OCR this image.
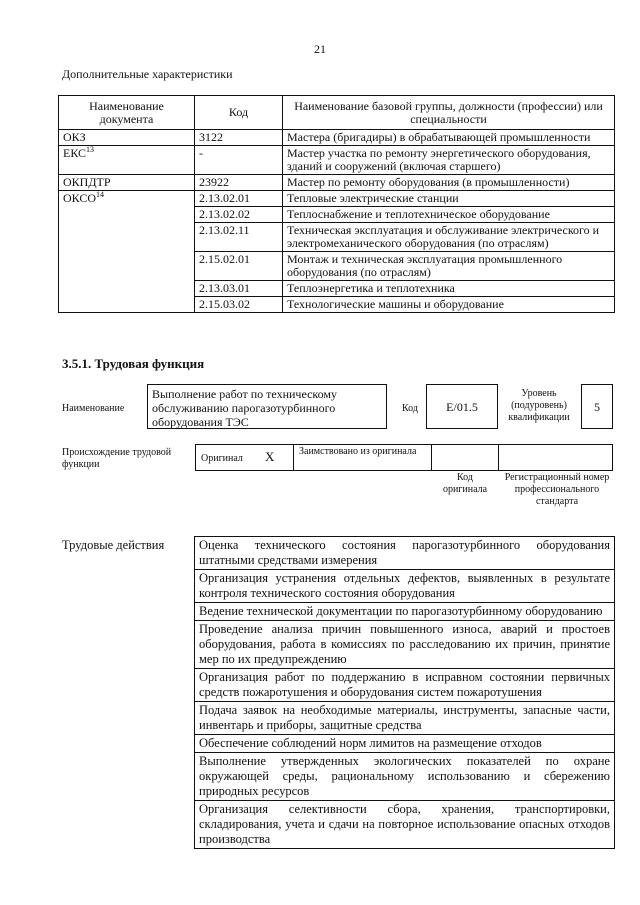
21
Дополнительные характеристики
Наименование документа	Код	Наименование базовой группы, должности (профессии) или специальности
ОКЗ	3122	Мастера (бригадиры) в обрабатывающей промышленности
ЕКС$^{13}$	-	Мастер участка по ремонту энергетического оборудования, зданий и сооружений (включая старшего)
ОКПДТР	23922	Мастер по ремонту оборудования (в промышленности)
ОКСО$^{14}$	2.13.02.01	Тепловые электрические станции
	2.13.02.02	Теплоснабжение и теплотехническое оборудование
	2.13.02.11	Техническая эксплуатация и обслуживание электрического и электромеханического оборудования (по отраслям)
	2.15.02.01	Монтаж и техническая эксплуатация промышленного оборудования (по отраслям)
	2.13.03.01	Теплоэнергетика и теплотехника
	2.15.03.02	Технологические машины и оборудование
3.5.1. Трудовая функция
Наименование
Выполнение работ по техническому обслуживанию парогазотурбинного оборудования ТЭС
Код	E/01.5
Уровень (подуровень) квалификации
5
Происхождение трудовой функции
Оригинал X Заимствовано из оригинала
Код оригинала
Регистрационный номер профессионального стандарта
Трудовые действия	Оценка технического состояния парогазотурбинного оборудования штатными средствами измерения
Организация устранения отдельных дефектов, выявленных в результате контроля технического состояния оборудования
Ведение технической документации по парогазотурбинному оборудованию
Проведение анализа причин повышенного износа, аварий и простоев оборудования, работа в комиссиях по расследованию их причин, принятие мер по их предупреждению
Организация работ по поддержанию в исправном состоянии первичных средств пожаротушения и оборудования систем пожаротушения
Подача заявок на необходимые материалы, инструменты, запасные части, инвентарь и приборы, защитные средства
Обеспечение соблюдений норм лимитов на размещение отходов
Выполнение утвержденных экологических показателей по охране окружающей среды, рациональному использованию и сбережению природных ресурсов
Организация селективности сбора, хранения, транспортировки, складирования, учета и сдачи на повторное использование опасных отходов производства
